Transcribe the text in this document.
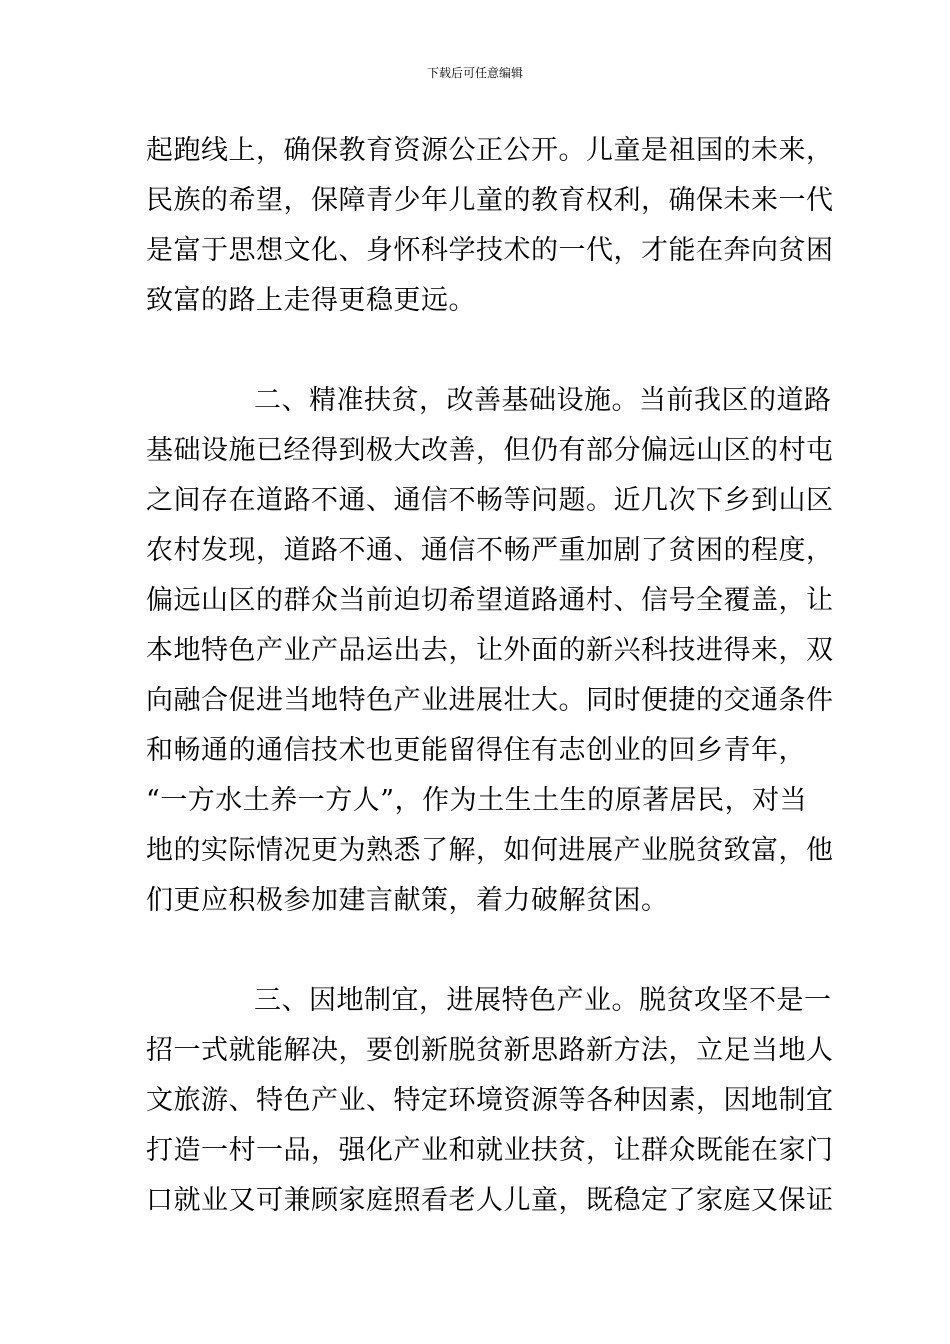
下载后可任意编辑

起跑线上，确保教育资源公正公开。儿童是祖国的未来，
民族的希望，保障青少年儿童的教育权利，确保未来一代
是富于思想文化、身怀科学技术的一代，才能在奔向贫困
致富的路上走得更稳更远。

二、精准扶贫，改善基础设施。当前我区的道路
基础设施已经得到极大改善，但仍有部分偏远山区的村屯
之间存在道路不通、通信不畅等问题。近几次下乡到山区
农村发现，道路不通、通信不畅严重加剧了贫困的程度，
偏远山区的群众当前迫切希望道路通村、信号全覆盖，让
本地特色产业产品运出去，让外面的新兴科技进得来，双
向融合促进当地特色产业进展壮大。同时便捷的交通条件
和畅通的通信技术也更能留得住有志创业的回乡青年，
“一方水土养一方人”，作为土生土生的原著居民，对当
地的实际情况更为熟悉了解，如何进展产业脱贫致富，他
们更应积极参加建言献策，着力破解贫困。

三、因地制宜，进展特色产业。脱贫攻坚不是一
招一式就能解决，要创新脱贫新思路新方法，立足当地人
文旅游、特色产业、特定环境资源等各种因素，因地制宜
打造一村一品，强化产业和就业扶贫，让群众既能在家门
口就业又可兼顾家庭照看老人儿童，既稳定了家庭又保证
